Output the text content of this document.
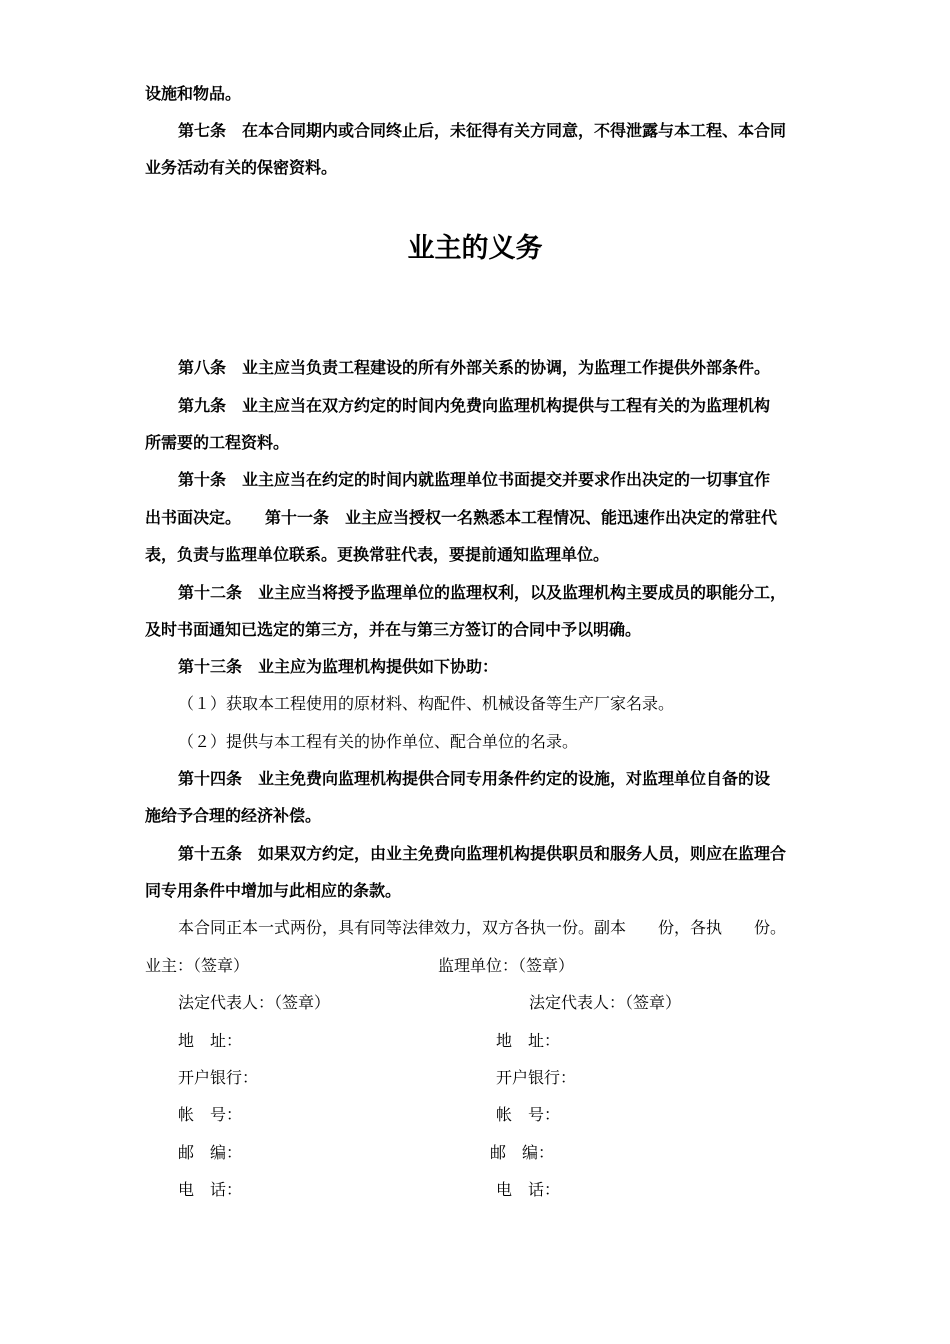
设施和物品。
第七条　在本合同期内或合同终止后，未征得有关方同意，不得泄露与本工程、本合同
业务活动有关的保密资料。
业主的义务
第八条　业主应当负责工程建设的所有外部关系的协调，为监理工作提供外部条件。
第九条　业主应当在双方约定的时间内免费向监理机构提供与工程有关的为监理机构
所需要的工程资料。
第十条　业主应当在约定的时间内就监理单位书面提交并要求作出决定的一切事宜作
出书面决定。　　第十一条　业主应当授权一名熟悉本工程情况、能迅速作出决定的常驻代
表，负责与监理单位联系。更换常驻代表，要提前通知监理单位。
第十二条　业主应当将授予监理单位的监理权利，以及监理机构主要成员的职能分工，
及时书面通知已选定的第三方，并在与第三方签订的合同中予以明确。
第十三条　业主应为监理机构提供如下协助：
（１）获取本工程使用的原材料、构配件、机械设备等生产厂家名录。
（２）提供与本工程有关的协作单位、配合单位的名录。
第十四条　业主免费向监理机构提供合同专用条件约定的设施，对监理单位自备的设
施给予合理的经济补偿。
第十五条　如果双方约定，由业主免费向监理机构提供职员和服务人员，则应在监理合
同专用条件中增加与此相应的条款。
本合同正本一式两份，具有同等法律效力，双方各执一份。副本　　份，各执　　份。
业主：（签章）	监理单位：（签章）
法定代表人：（签章）	法定代表人：（签章）
地　址：	地　址：
开户银行：	开户银行：
帐　号：	帐　号：
邮　编：	邮　编：
电　话：	电　话：
